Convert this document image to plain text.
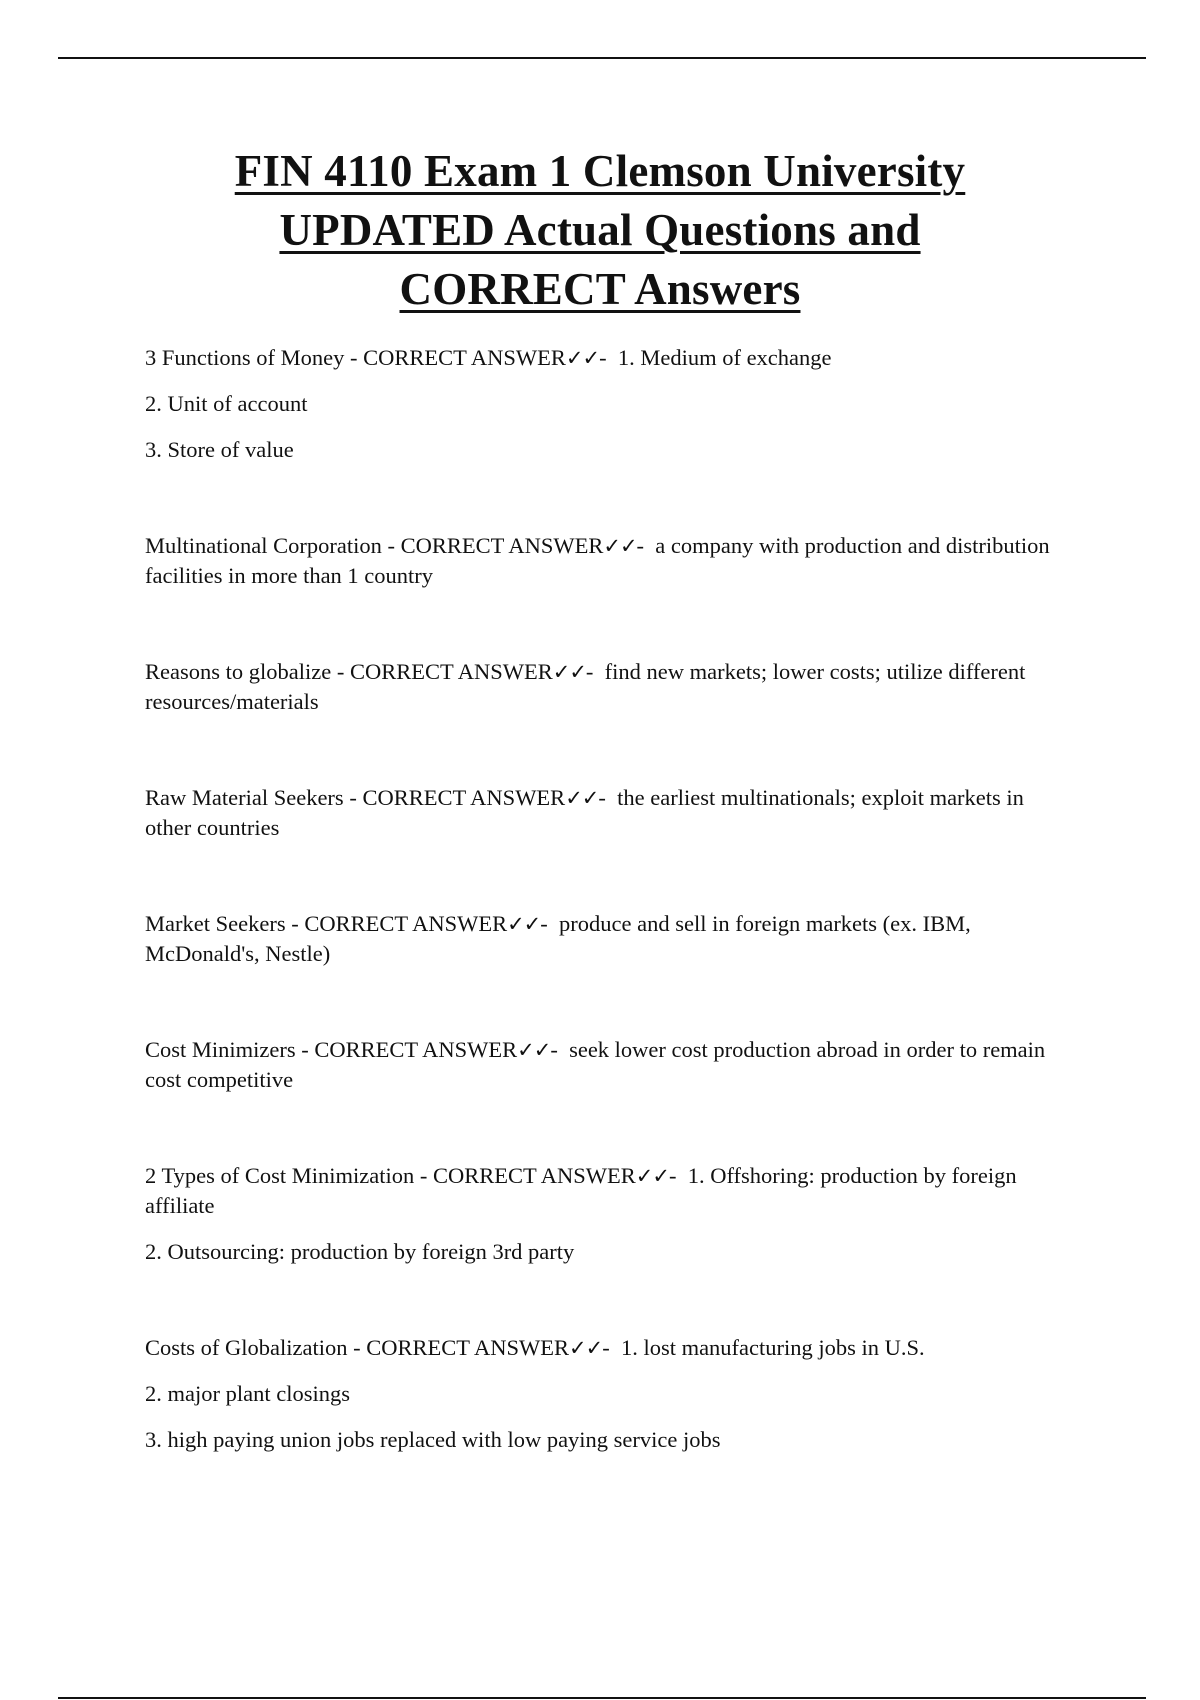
FIN 4110 Exam 1 Clemson University
UPDATED Actual Questions and
CORRECT Answers

3 Functions of Money - CORRECT ANSWER✓✓-  1. Medium of exchange

2. Unit of account

3. Store of value

Multinational Corporation - CORRECT ANSWER✓✓-  a company with production and distribution facilities in more than 1 country

Reasons to globalize - CORRECT ANSWER✓✓-  find new markets; lower costs; utilize different resources/materials

Raw Material Seekers - CORRECT ANSWER✓✓-  the earliest multinationals; exploit markets in other countries

Market Seekers - CORRECT ANSWER✓✓-  produce and sell in foreign markets (ex. IBM, McDonald's, Nestle)

Cost Minimizers - CORRECT ANSWER✓✓-  seek lower cost production abroad in order to remain cost competitive

2 Types of Cost Minimization - CORRECT ANSWER✓✓-  1. Offshoring: production by foreign affiliate

2. Outsourcing: production by foreign 3rd party

Costs of Globalization - CORRECT ANSWER✓✓-  1. lost manufacturing jobs in U.S.

2. major plant closings

3. high paying union jobs replaced with low paying service jobs
